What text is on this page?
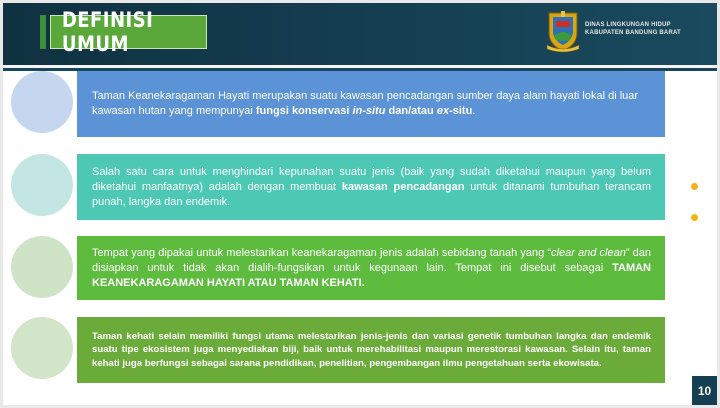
DEFINISI UMUM
DINAS LINGKUNGAN HIDUP
KABUPATEN BANDUNG BARAT
Taman Keanekaragaman Hayati merupakan suatu kawasan pencadangan sumber daya alam hayati lokal di luar kawasan hutan yang mempunyai fungsi konservasi in-situ dan/atau ex-situ.
Salah satu cara untuk menghindari kepunahan suatu jenis (baik yang sudah diketahui maupun yang belum diketahui manfaatnya) adalah dengan membuat kawasan pencadangan untuk ditanami tumbuhan terancam punah, langka dan endemik.
Tempat yang dipakai untuk melestarikan keanekaragaman jenis adalah sebidang tanah yang “clear and clean” dan disiapkan untuk tidak akan dialih-fungsikan untuk kegunaan lain. Tempat ini disebut sebagai TAMAN KEANEKARAGAMAN HAYATI ATAU TAMAN KEHATI.
Taman kehati selain memiliki fungsi utama melestarikan jenis-jenis dan variasi genetik tumbuhan langka dan endemik suatu tipe ekosistem juga menyediakan biji, baik untuk merehabilitasi maupun merestorasi kawasan. Selain itu, taman kehati juga berfungsi sebagai sarana pendidikan, penelitian, pengembangan ilmu pengetahuan serta ekowisata.
10
